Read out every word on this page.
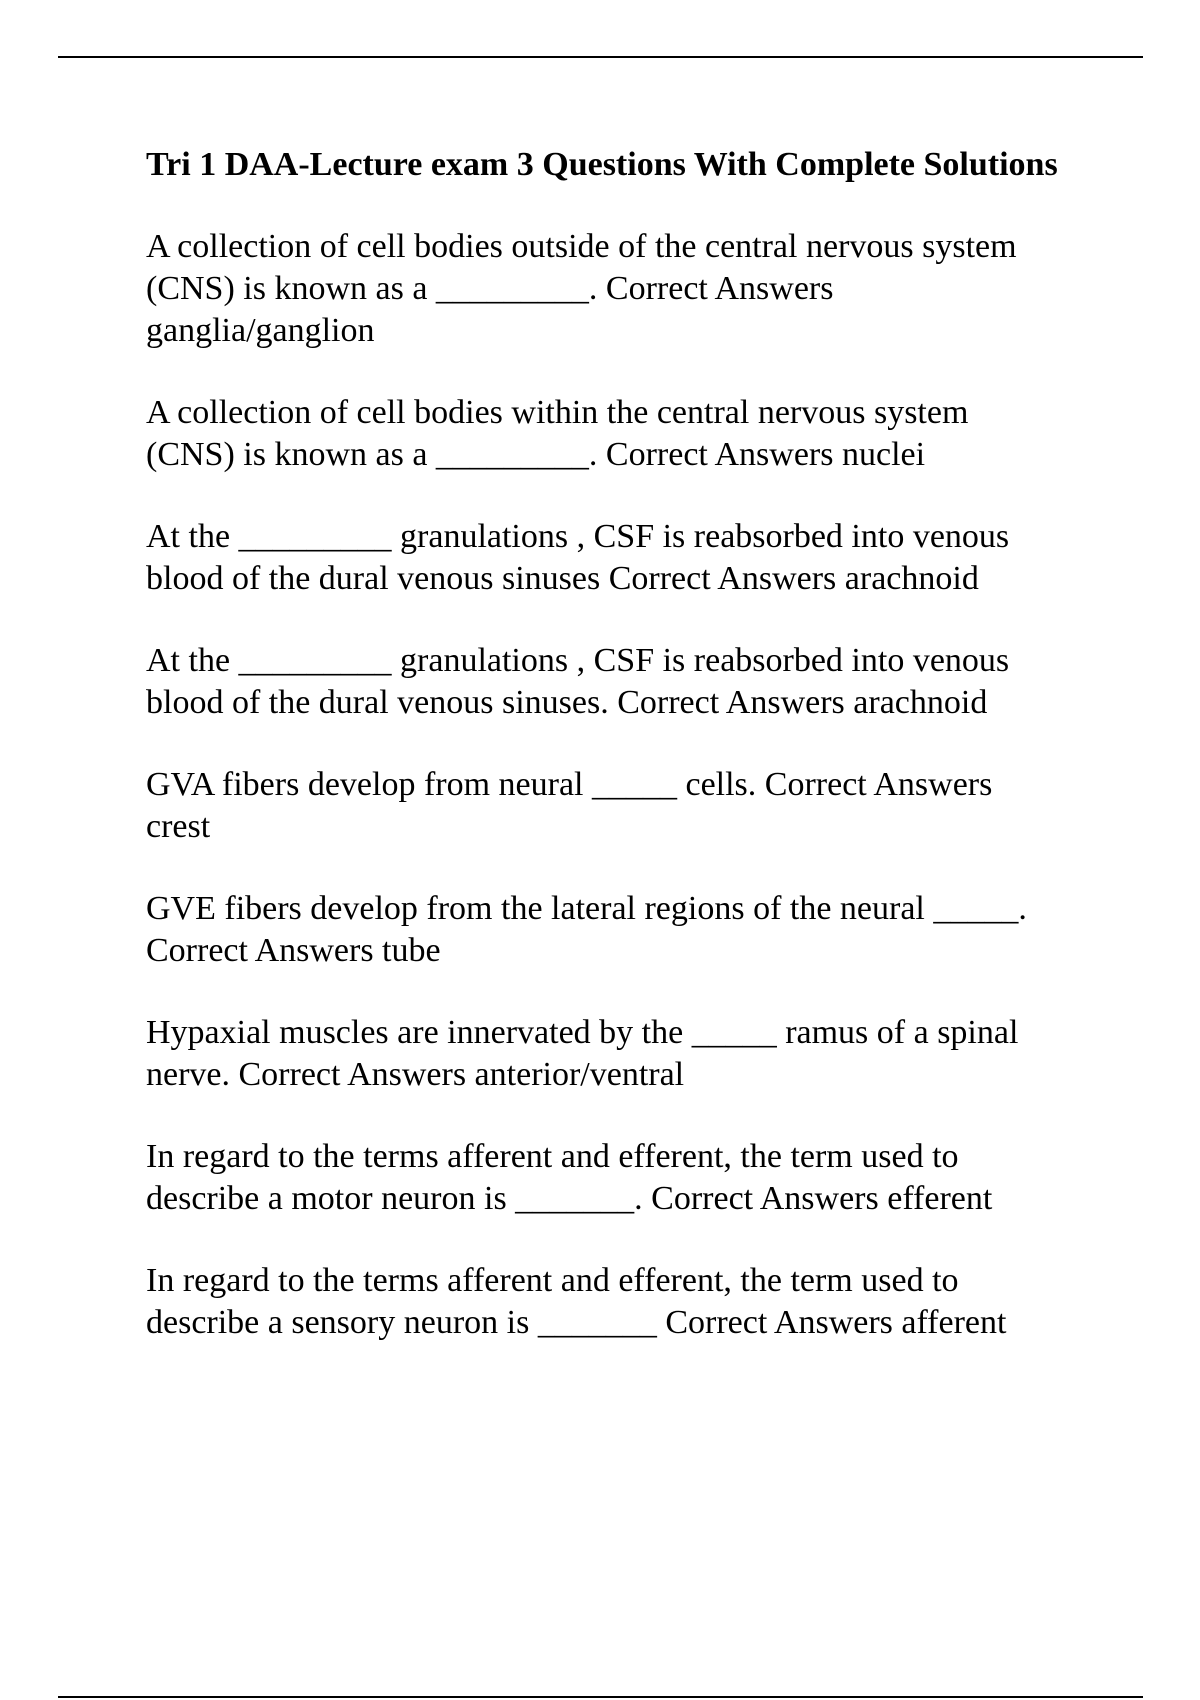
Tri 1 DAA-Lecture exam 3 Questions With Complete Solutions

A collection of cell bodies outside of the central nervous system
(CNS) is known as a _________. Correct Answers
ganglia/ganglion

A collection of cell bodies within the central nervous system
(CNS) is known as a _________. Correct Answers nuclei

At the _________ granulations , CSF is reabsorbed into venous
blood of the dural venous sinuses Correct Answers arachnoid

At the _________ granulations , CSF is reabsorbed into venous
blood of the dural venous sinuses. Correct Answers arachnoid

GVA fibers develop from neural _____ cells. Correct Answers
crest

GVE fibers develop from the lateral regions of the neural _____.
Correct Answers tube

Hypaxial muscles are innervated by the _____ ramus of a spinal
nerve. Correct Answers anterior/ventral

In regard to the terms afferent and efferent, the term used to
describe a motor neuron is _______. Correct Answers efferent

In regard to the terms afferent and efferent, the term used to
describe a sensory neuron is _______ Correct Answers afferent
